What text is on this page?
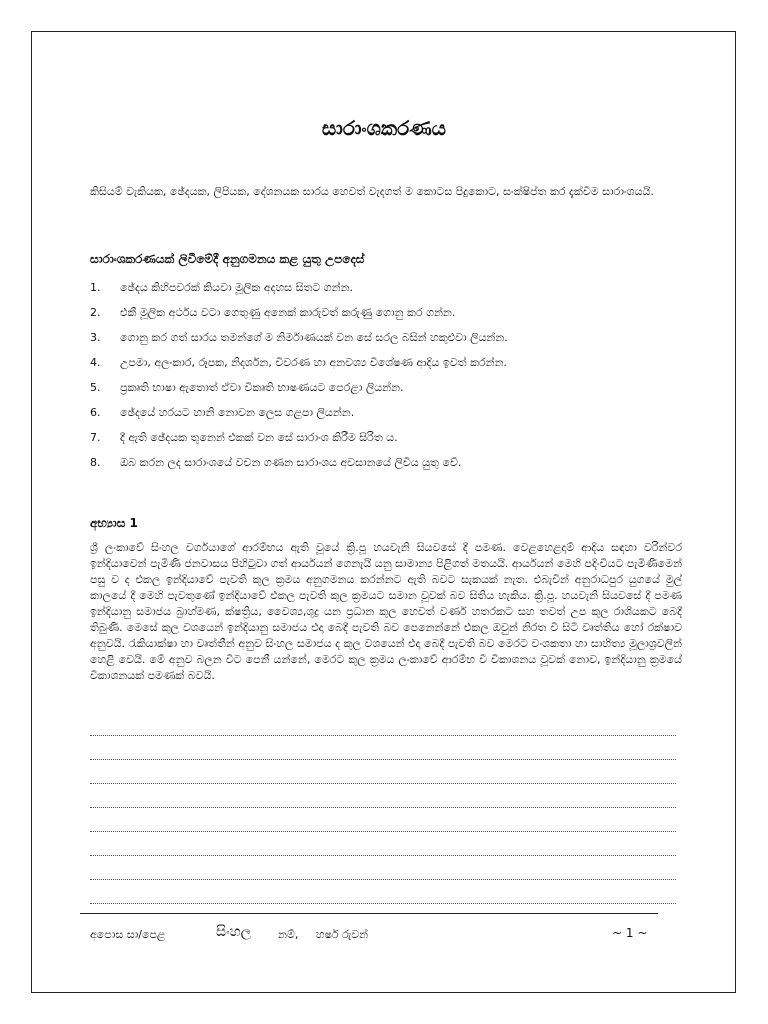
සාරාංශකරණය

කිසියම් වැකියක, ඡේදයක, ලිපියක, දේශනයක සාරය හෙවත් වැදගත් ම කොටස පිදුකොට, සංක්ෂිප්ත කර දැක්වීම සාරාංශයයි.

සාරාංශකරණයක් ලිවීමේදී අනුගමනය කළ යුතු උපදෙස්
1.	ඡේදය කිහිපවරක් කියවා මූලික අදහස සිතට ගන්න.
2.	එකී මූලික අර්ථය වටා ගෙතුණු අනෙක් කාරුවත් කරුණු ගොනු කර ගන්න.
3.	ගොනු කර ගත් සාරය තමන්ගේ ම නිර්මාණයක් වන සේ සරල බසින් හකුළුවා ලියන්න.
4.	උපමා, අලංකාර, රූපක, නිදර්ශන, විවරණ හා අනවශ්‍ය විශේෂණ ආදිය ඉවත් කරන්න.
5.	ප්‍රකෘති භාෂා ඇතොත් ඒවා විකෘති භාෂණයට පෙරළා ලියන්න.
6.	ඡේදයේ හරයට හානි නොවන ලෙස ගළපා ලියන්න.
7.	දී ඇති ඡේදයක තුනෙන් එකක් වන සේ සාරාංශ කිරීම සිරිත ය.
8.	ඔබ කරන ලද සාරාංශයේ වචන ගණන සාරාංශය අවසානයේ ලිවිය යුතු වේ.
අභ්‍යාස 1

ශ්‍රී ලංකාවේ සිංහල වර්ගයාගේ ආරම්භය ඇති වූයේ ක්‍රි.පූ හයවැනි සියවසේ දී පමණ. වෙළහෙළදාම් ආදිය සඳහා වරින්වර ඉන්දියාවෙන් පැමිණි ජනවාසය පිහිටුවා ගත් ආර්යයන් ගෙනැයි යනු සාමාන්‍ය පිළිගත් මතයයි. ආර්යයන් මෙහි පදිංචියට පැමිණීමෙන් පසු ව ද එකල ඉන්දියාවේ පැවති කුල ක්‍රමය අනුගමනය කරන්නට ඇති බවට සැකයක් නැත. එබැවින් අනුරාධපුර යුගයේ මුල් කාලයේ දී මෙහි පැවතුණේ ඉන්දියාවේ එකල පැවති කුල ක්‍රමයට සමාන වූවක් බව සිතිය හැකිය. ක්‍රි.පූ. හයවැනි සියවසේ දී පමණ ඉන්දියානු සමාජය බ්‍රාහ්මණ, ක්ෂත්‍රිය, වෛශ්‍ය,ශුද්‍ර යන ප්‍රධාන කුල හෙවත් වර්ණ හතරකට සහ තවත් උප කුල රාශියකට බෙදී තිබුණි. මෙසේ කුල වශයෙන් ඉන්දියානු සමාජය එදා බෙදී පැවති බව පෙනෙන්නේ එකල ඔවුන් නිරත වී සිටි වෘත්තිය හෝ රක්ෂාව අනුවයි. රැකියාක්ෂා හා වෘත්තීන් අනුව සිංහල සමාජය ද කුල වශයෙන් එදා බෙදී පැවති බව මෙරට වංශකතා හා සාහිත්‍ය මූලාශ්‍රවලින් හෙළි වෙයි. මේ අනුව බලන විට පෙනී යන්නේ, මෙරට කුල ක්‍රමය ලංකාවේ ආරම්භ වී විකාශනය වූවක් නොව, ඉන්දියානු ක්‍රමයේ විකාශනයක් පමණක් බවයි.

අපොස සා/පෙළ	සිංහල නම්,     හර්ෂ රුවන්	~ 1 ~
